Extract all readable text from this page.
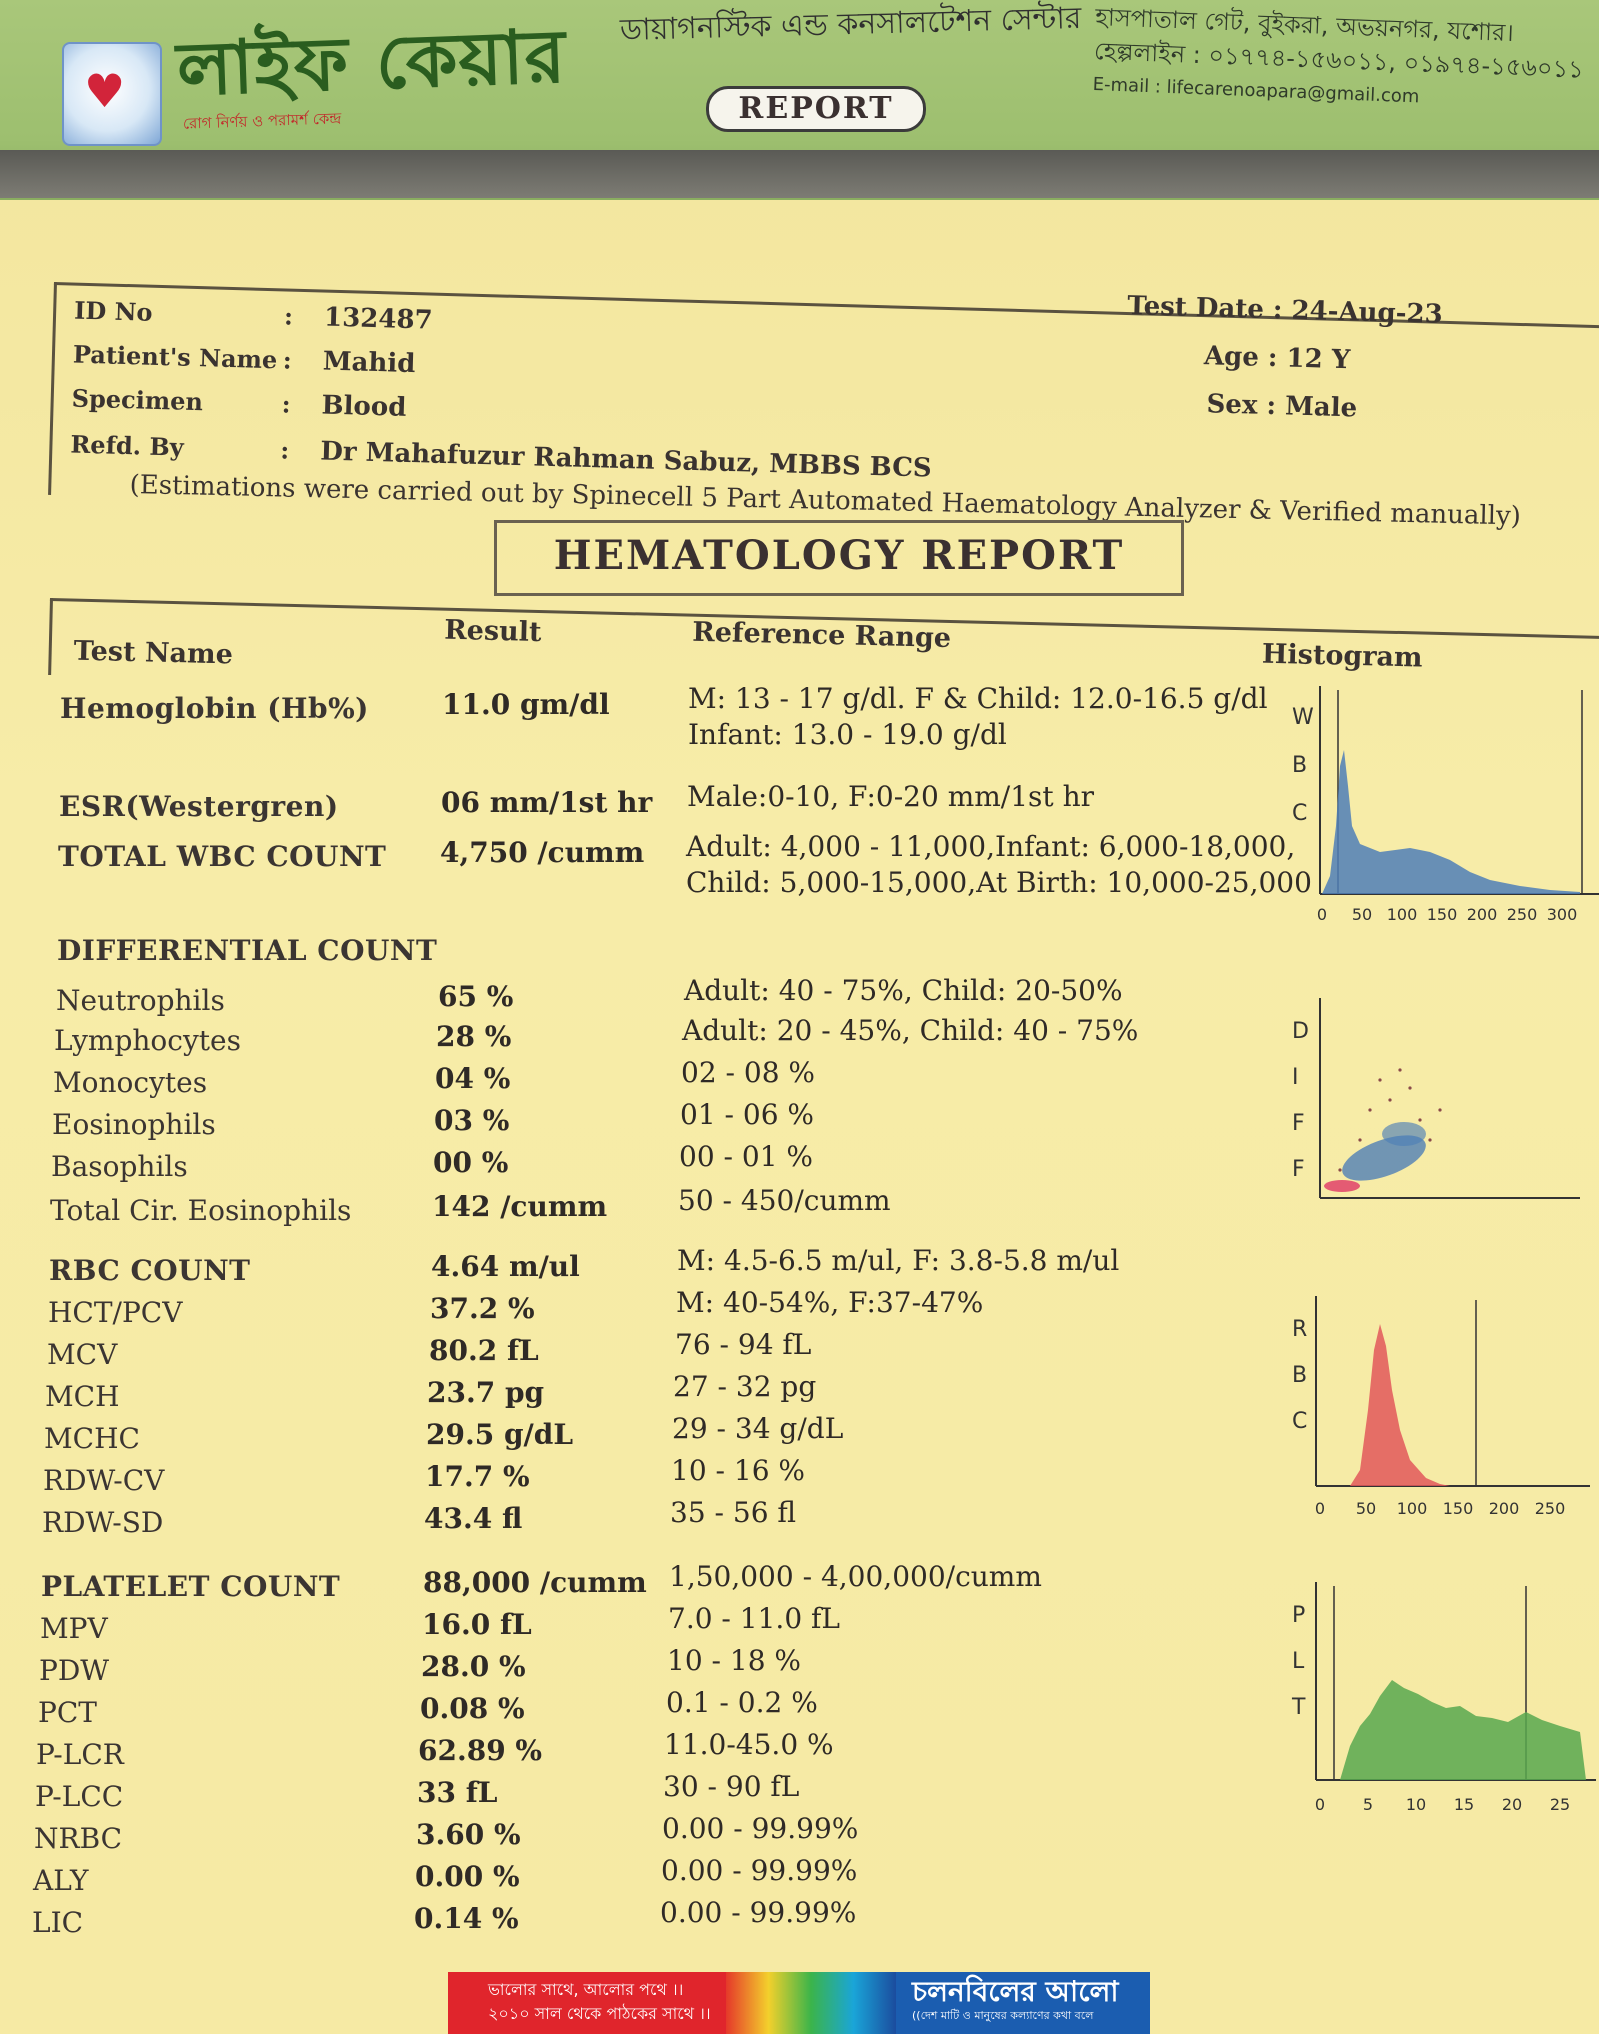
♥ লাইফ কেয়ার
রোগ নির্ণয় ও পরামর্শ কেন্দ্র
ডায়াগনস্টিক এন্ড কনসালটেশন সেন্টার
REPORT
হাসপাতাল গেট, বুইকরা, অভয়নগর, যশোর।
হেল্পলাইন : ০১৭৭৪-১৫৬০১১, ০১৯৭৪-১৫৬০১১
E-mail : lifecarenoapara@gmail.com
ID No	: 132487
Patient's Name : Mahid
Specimen	: Blood
Refd. By	: Dr Mahafuzur Rahman Sabuz, MBBS BCS
Test Date : 24-Aug-23
Age : 12 Y
Sex : Male
(Estimations were carried out by Spinecell 5 Part Automated Haematology Analyzer & Verified manually)
HEMATOLOGY REPORT
Test Name
Result	Reference Range
Histogram
Hemoglobin (Hb%)	11.0 gm/dl	M: 13 - 17 g/dl. F & Child: 12.0-16.5 g/dl
Infant: 13.0 - 19.0 g/dl
ESR(Westergren)	06 mm/1st hr Male:0-10, F:0-20 mm/1st hr
TOTAL WBC COUNT 4,750 /cumm Adult: 4,000 - 11,000,Infant: 6,000-18,000,
Child: 5,000-15,000,At Birth: 10,000-25,000
DIFFERENTIAL COUNT
Neutrophils	65 %	Adult: 40 - 75%, Child: 20-50%
Lymphocytes	28 %	Adult: 20 - 45%, Child: 40 - 75%
Monocytes	04 %	02 - 08 %
Eosinophils	03 %	01 - 06 %
Basophils	00 %	00 - 01 %
Total Cir. Eosinophils	142 /cumm	50 - 450/cumm
RBC COUNT	4.64 m/ul	M: 4.5-6.5 m/ul, F: 3.8-5.8 m/ul
HCT/PCV	37.2 %	M: 40-54%, F:37-47%
MCV	80.2 fL	76 - 94 fL
MCH	23.7 pg	27 - 32 pg
MCHC	29.5 g/dL	29 - 34 g/dL
RDW-CV	17.7 %	10 - 16 %
RDW-SD	43.4 fl	35 - 56 fl
PLATELET COUNT	88,000 /cumm 1,50,000 - 4,00,000/cumm
MPV	16.0 fL	7.0 - 11.0 fL
PDW	28.0 %	10 - 18 %
PCT	0.08 %	0.1 - 0.2 %
P-LCR	62.89 %	11.0-45.0 %
P-LCC	33 fL	30 - 90 fL
NRBC	3.60 %	0.00 - 99.99%
ALY	0.00 %	0.00 - 99.99%
LIC	0.14 %	0.00 - 99.99%
W
B
C
0 50 100 150 200 250 300
D
I
F
F
R
B
C
0 50 100 150 200 250
P
L
T
0 5 10 15 20 25
ভালোর সাথে, আলোর পথে ।।
২০১০ সাল থেকে পাঠকের সাথে ।।
চলনবিলের আলো
((দেশ মাটি ও মানুষের কল্যাণের কথা বলে
